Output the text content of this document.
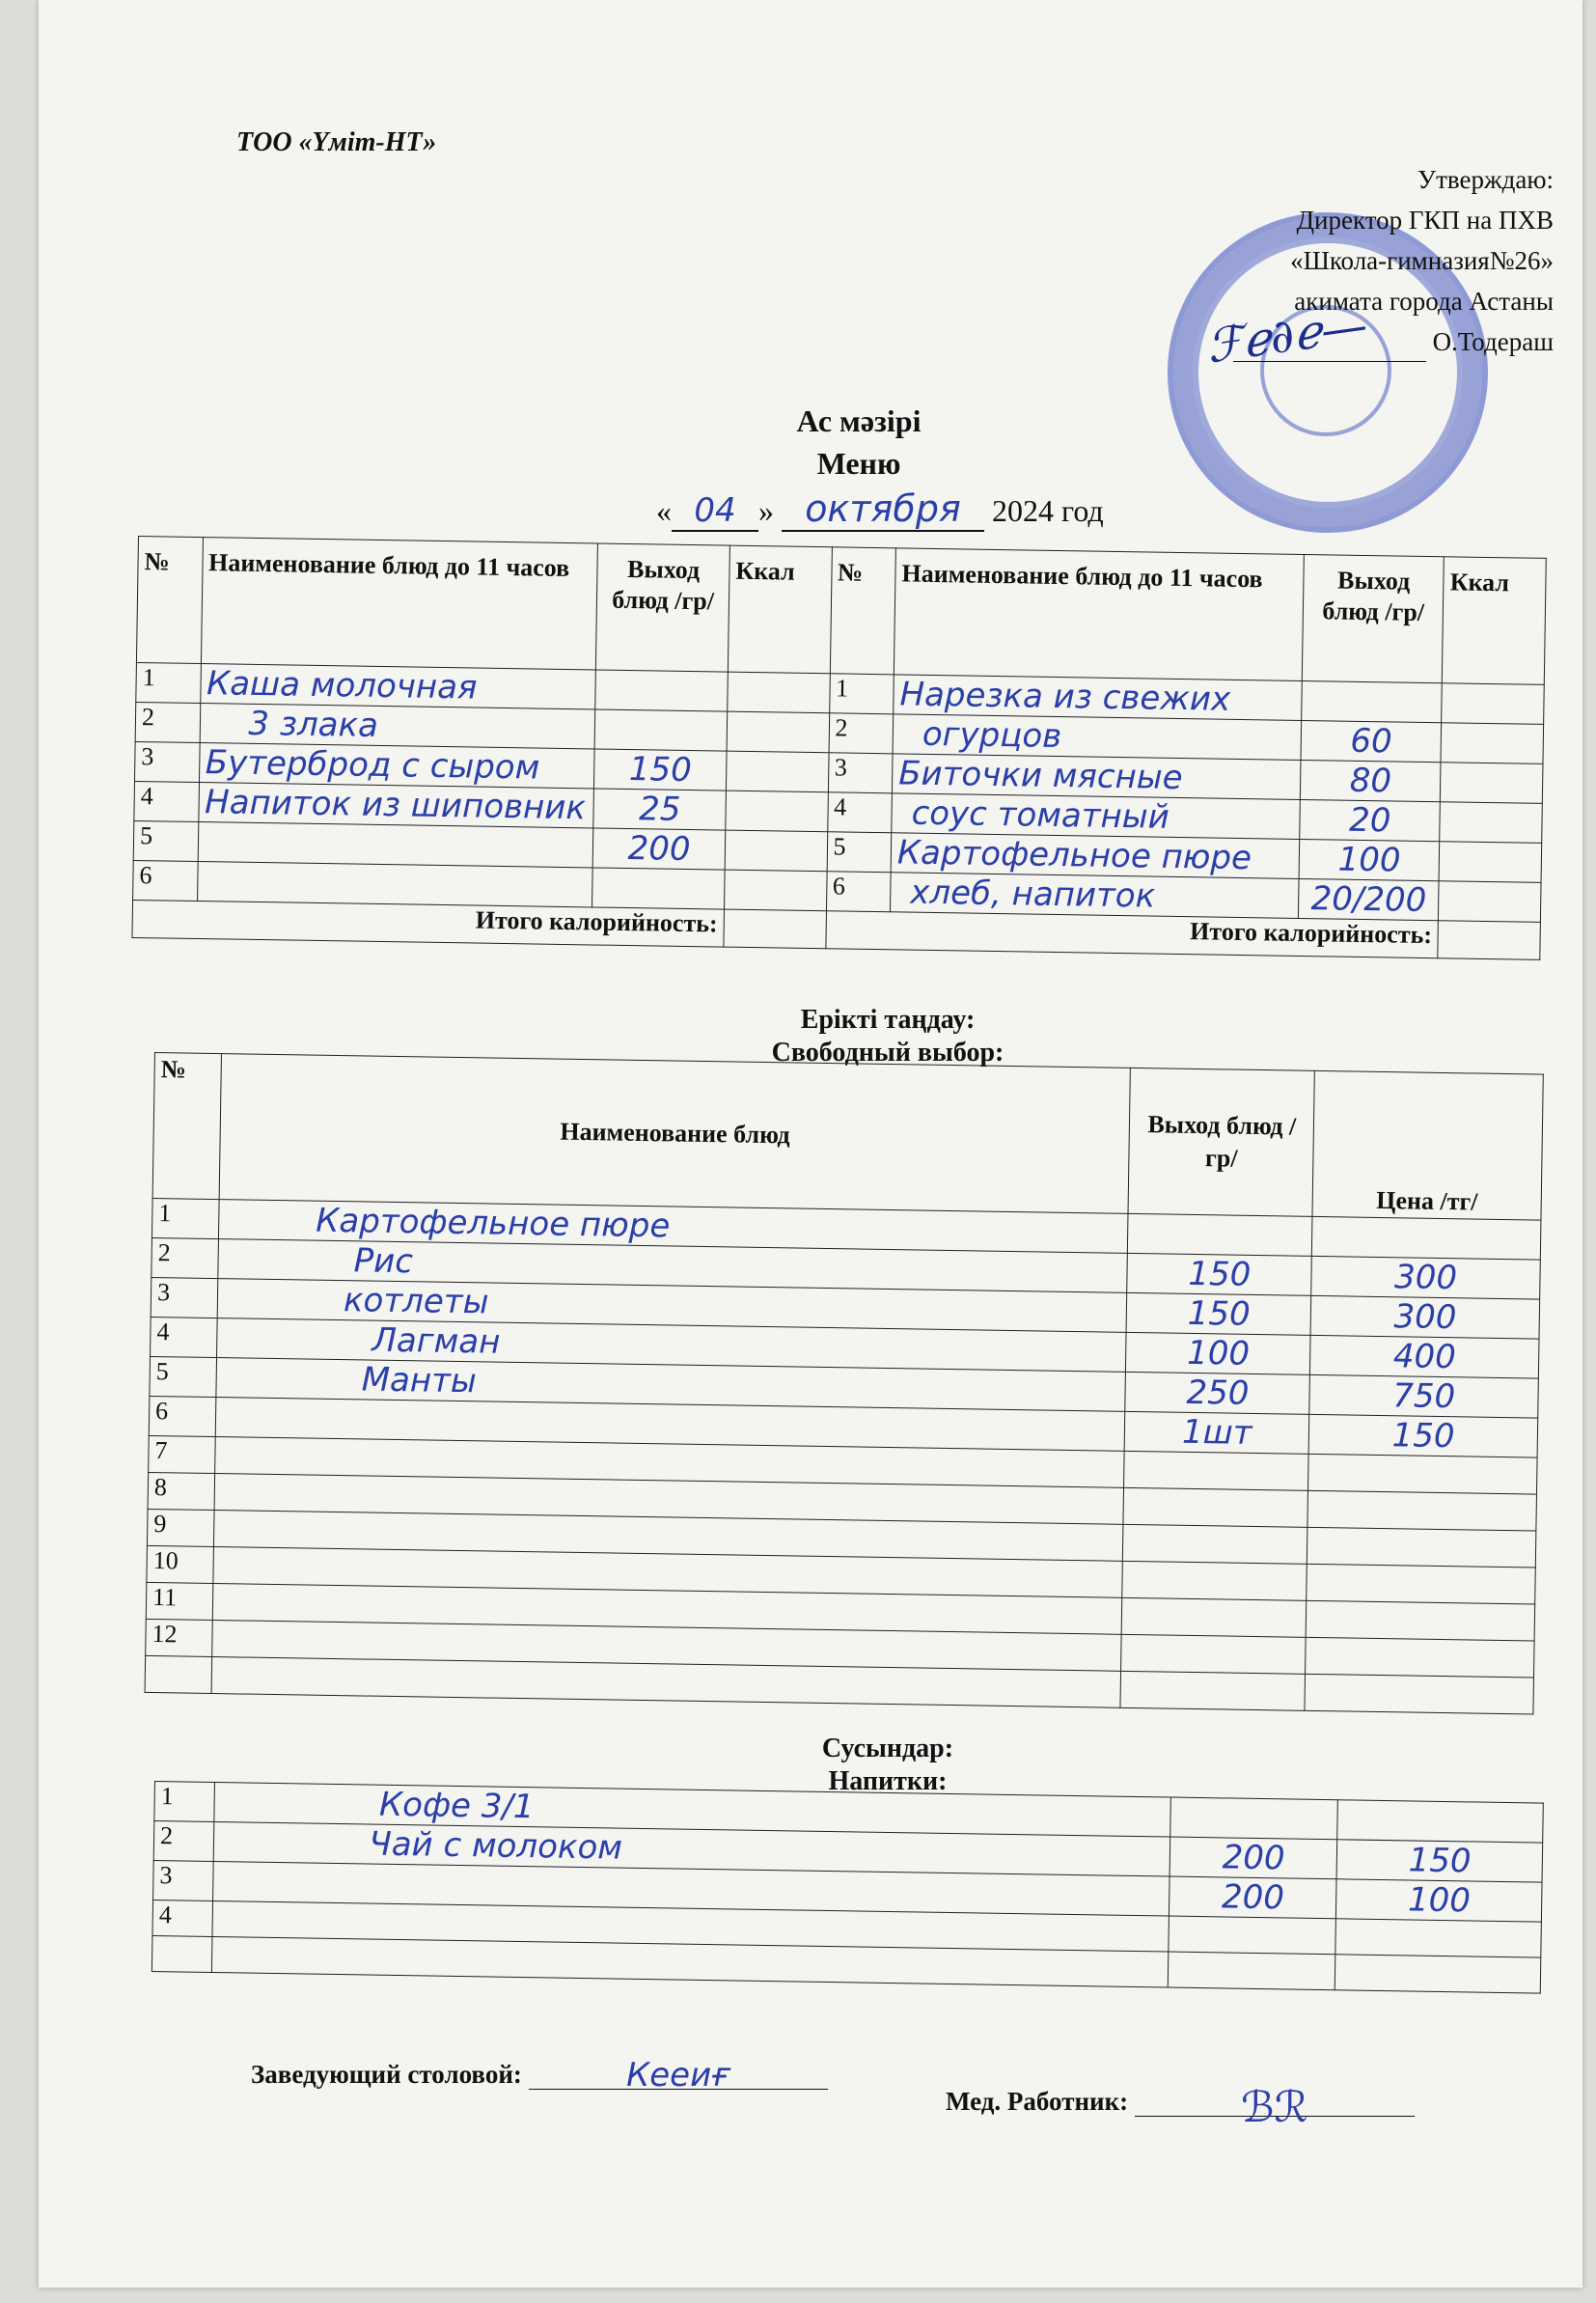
ТОО «Үміт-НТ»
ℱℯ∂ℯ—
Утверждаю:
Директор ГКП на ПХВ
«Школа-гимназия№26»
акимата города Астаны
О.Тодераш
Ас мәзірі
Меню
« 04 » октября 2024 год
№	Наименование блюд до 11 часов	Выход блюд /гр/	Ккал	№	Наименование блюд до 11 часов	Выход блюд /гр/	Ккал
1	Каша молочная			1	Нарезка из свежих		
2	3 злака			2	огурцов	60	
3	Бутерброд с сыром	150		3	Биточки мясные	80	
4	Напиток из шиповник	25		4	соус томатный	20	
5		200		5	Картофельное пюре	100	
6				6	хлеб, напиток	20/200	
Итого калорийность:				Итого калорийность:			
Ерікті таңдау:
Свободный выбор:
№	Наименование блюд	Выход блюд /гр/	Цена /тг/
1	Картофельное пюре		
2	Рис	150	300
3	котлеты	150	300
4	Лагман	100	400
5	Манты	250	750
6		1шт	150
7			
8			
9			
10			
11			
12			

Сусындар:
Напитки:
1	Кофе 3/1		
2	Чай с молоком	200	150
3		200	100
4			

Заведующий столовой:	Кееиғ
Мед. Работник:	ℬℛ
